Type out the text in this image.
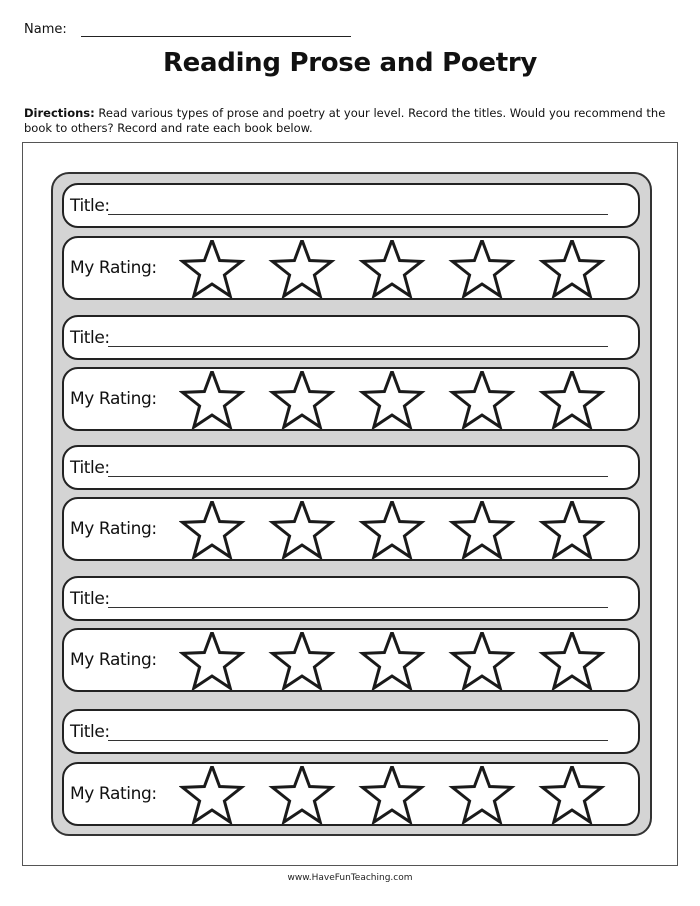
Name:
Reading Prose and Poetry
Directions: Read various types of prose and poetry at your level. Record the titles. Would you recommend the book to others? Record and rate each book below.
Title:
My Rating:
Title:
My Rating:
Title:
My Rating:
Title:
My Rating:
Title:
My Rating:
www.HaveFunTeaching.com
